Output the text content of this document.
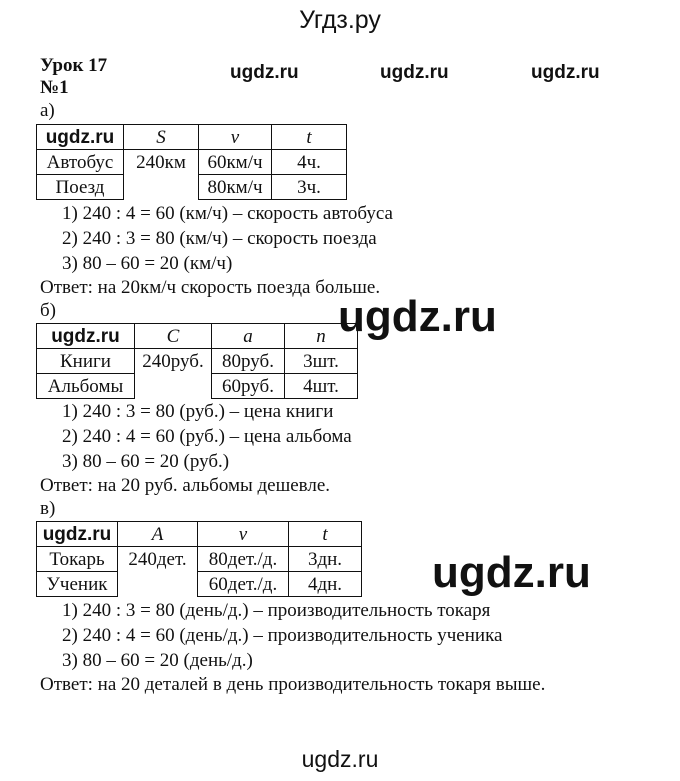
Угдз.ру
Урок 17
№1
ugdz.ru	ugdz.ru	ugdz.ru
а)
ugdz.ru	S	v	t
Автобус	240км	60км/ч	4ч.
Поезд		80км/ч	3ч.
1) 240 : 4 = 60 (км/ч) – скорость автобуса
2) 240 : 3 = 80 (км/ч) – скорость поезда
3) 80 – 60 = 20 (км/ч)
Ответ: на 20км/ч скорость поезда больше.
ugdz.ru
б)
ugdz.ru	C	a	n
Книги	240руб.	80руб.	3шт.
Альбомы		60руб.	4шт.
1) 240 : 3 = 80 (руб.) – цена книги
2) 240 : 4 = 60 (руб.) – цена альбома
3) 80 – 60 = 20 (руб.)
Ответ: на 20 руб. альбомы дешевле.
в)
ugdz.ru	A	v	t
Токарь	240дет.	80дет./д.	3дн.
Ученик		60дет./д.	4дн. ugdz.ru
1) 240 : 3 = 80 (день/д.) – производительность токаря
2) 240 : 4 = 60 (день/д.) – производительность ученика
3) 80 – 60 = 20 (день/д.)
Ответ: на 20 деталей в день производительность токаря выше.
ugdz.ru
